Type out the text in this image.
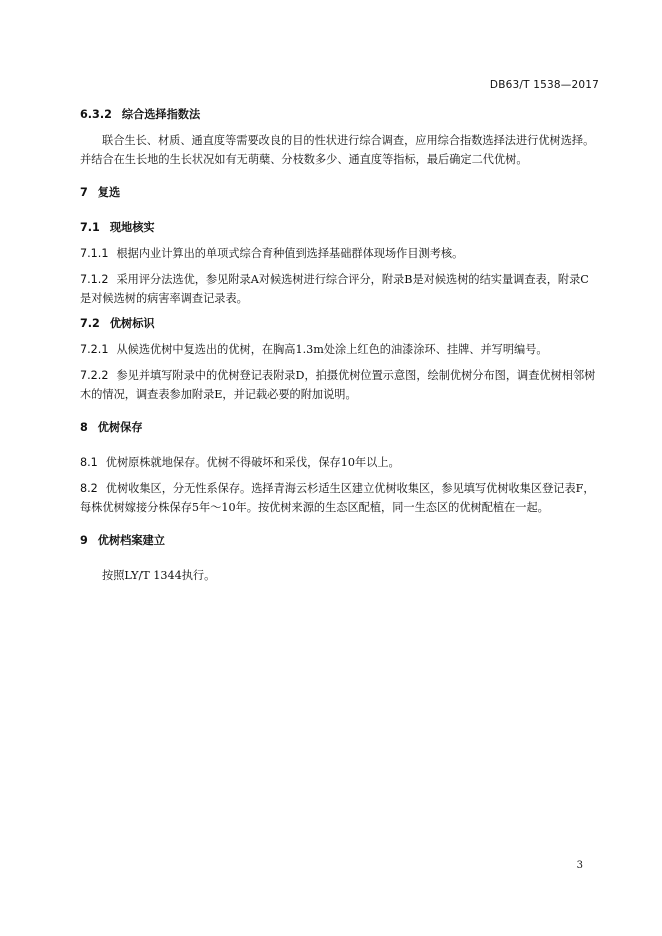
DB63/T 1538—2017
6.3.2 综合选择指数法
联合生长、材质、通直度等需要改良的目的性状进行综合调查，应用综合指数选择法进行优树选择。并结合在生长地的生长状况如有无萌蘖、分枝数多少、通直度等指标，最后确定二代优树。
7 复选
7.1 现地核实
7.1.1 根据内业计算出的单项式综合育种值到选择基础群体现场作目测考核。
7.1.2 采用评分法选优，参见附录A对候选树进行综合评分，附录B是对候选树的结实量调查表，附录C是对候选树的病害率调查记录表。
7.2 优树标识
7.2.1 从候选优树中复选出的优树，在胸高1.3m处涂上红色的油漆涂环、挂牌、并写明编号。
7.2.2 参见并填写附录中的优树登记表附录D，拍摄优树位置示意图，绘制优树分布图，调查优树相邻树木的情况，调查表参加附录E，并记载必要的附加说明。
8 优树保存
8.1 优树原株就地保存。优树不得破坏和采伐，保存10年以上。
8.2 优树收集区，分无性系保存。选择青海云杉适生区建立优树收集区，参见填写优树收集区登记表F，每株优树嫁接分株保存5年～10年。按优树来源的生态区配植，同一生态区的优树配植在一起。
9 优树档案建立
按照LY/T 1344执行。
3
